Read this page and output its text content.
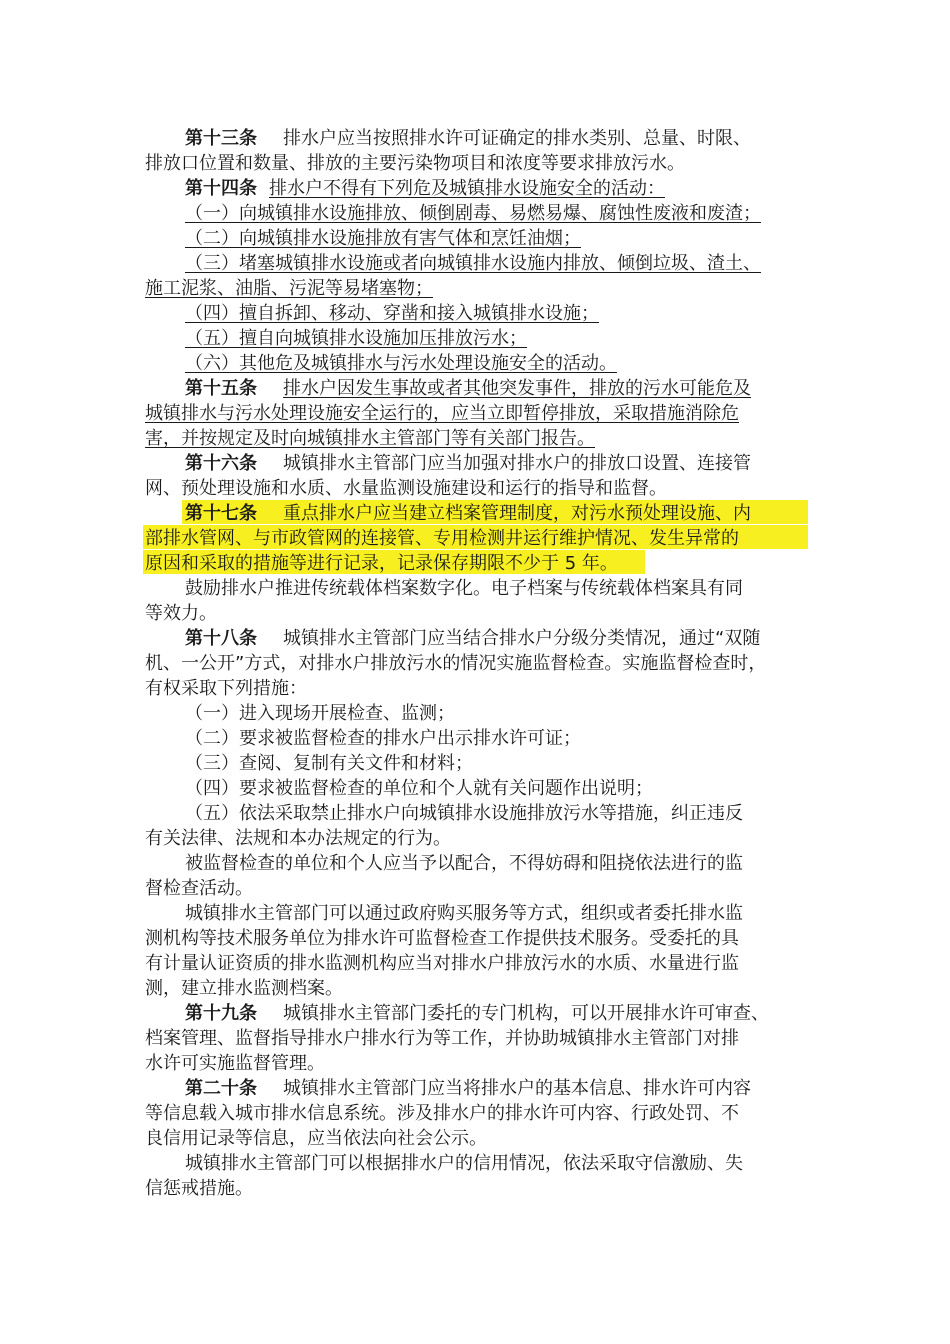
第十三条 排水户应当按照排水许可证确定的排水类别、总量、时限、
排放口位置和数量、排放的主要污染物项目和浓度等要求排放污水。
第十四条 排水户不得有下列危及城镇排水设施安全的活动：
（一）向城镇排水设施排放、倾倒剧毒、易燃易爆、腐蚀性废液和废渣；
（二）向城镇排水设施排放有害气体和烹饪油烟；
（三）堵塞城镇排水设施或者向城镇排水设施内排放、倾倒垃圾、渣土、
施工泥浆、油脂、污泥等易堵塞物；
（四）擅自拆卸、移动、穿凿和接入城镇排水设施；
（五）擅自向城镇排水设施加压排放污水；
（六）其他危及城镇排水与污水处理设施安全的活动。
第十五条 排水户因发生事故或者其他突发事件，排放的污水可能危及
城镇排水与污水处理设施安全运行的，应当立即暂停排放，采取措施消除危
害，并按规定及时向城镇排水主管部门等有关部门报告。
第十六条 城镇排水主管部门应当加强对排水户的排放口设置、连接管
网、预处理设施和水质、水量监测设施建设和运行的指导和监督。
第十七条 重点排水户应当建立档案管理制度，对污水预处理设施、内
部排水管网、与市政管网的连接管、专用检测井运行维护情况、发生异常的
原因和采取的措施等进行记录，记录保存期限不少于 5 年。
鼓励排水户推进传统载体档案数字化。电子档案与传统载体档案具有同
等效力。
第十八条 城镇排水主管部门应当结合排水户分级分类情况，通过“双随
机、一公开”方式，对排水户排放污水的情况实施监督检查。实施监督检查时，
有权采取下列措施：
（一）进入现场开展检查、监测；
（二）要求被监督检查的排水户出示排水许可证；
（三）查阅、复制有关文件和材料；
（四）要求被监督检查的单位和个人就有关问题作出说明；
（五）依法采取禁止排水户向城镇排水设施排放污水等措施，纠正违反
有关法律、法规和本办法规定的行为。
被监督检查的单位和个人应当予以配合，不得妨碍和阻挠依法进行的监
督检查活动。
城镇排水主管部门可以通过政府购买服务等方式，组织或者委托排水监
测机构等技术服务单位为排水许可监督检查工作提供技术服务。受委托的具
有计量认证资质的排水监测机构应当对排水户排放污水的水质、水量进行监
测，建立排水监测档案。
第十九条 城镇排水主管部门委托的专门机构，可以开展排水许可审查、
档案管理、监督指导排水户排水行为等工作，并协助城镇排水主管部门对排
水许可实施监督管理。
第二十条 城镇排水主管部门应当将排水户的基本信息、排水许可内容
等信息载入城市排水信息系统。涉及排水户的排水许可内容、行政处罚、不
良信用记录等信息，应当依法向社会公示。
城镇排水主管部门可以根据排水户的信用情况，依法采取守信激励、失
信惩戒措施。
